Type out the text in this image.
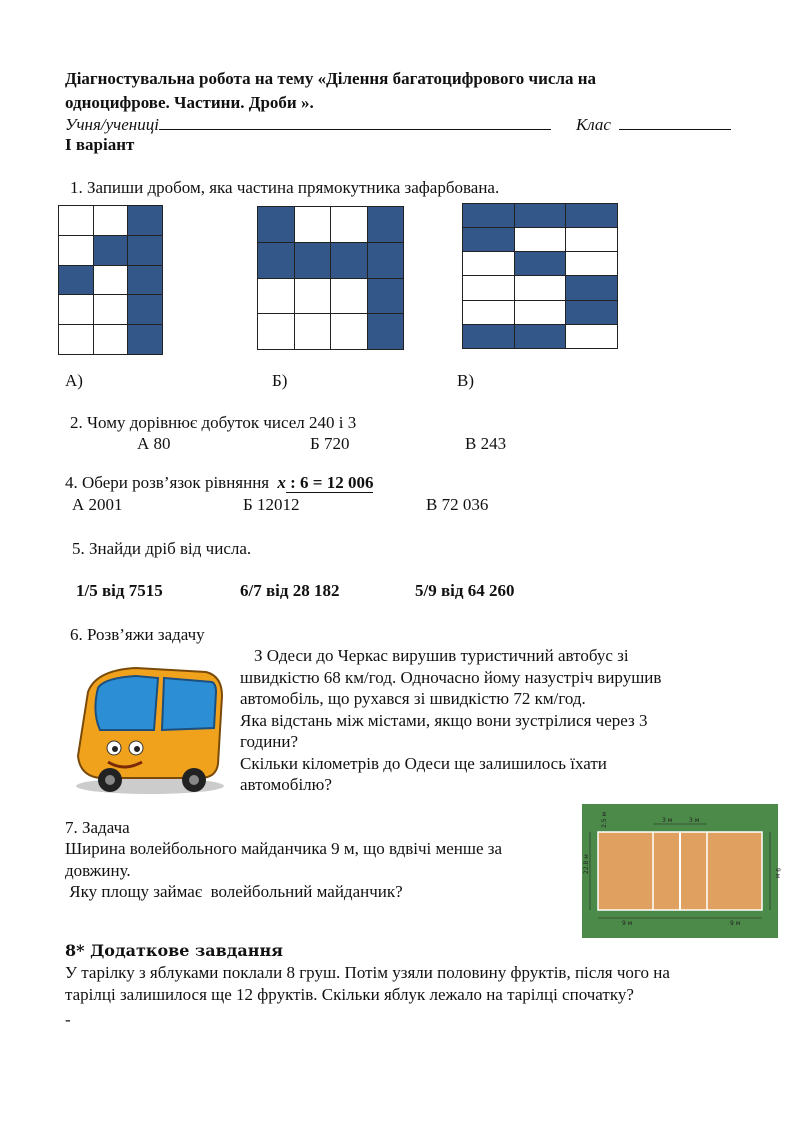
Діагностувальна робота на тему «Ділення багатоцифрового числа на
одноцифрове. Частини. Дроби ».
Учня/учениці	Клас
І варіант
1. Запиши дробом, яка частина прямокутника зафарбована.

А)	Б)	В)
2. Чому дорівнює добуток чисел 240 і 3
А 80	Б 720	В 243
4. Обери розв’язок рівняння x : 6 = 12 006
А 2001	Б 12012	В 72 036
5. Знайди дріб від числа.
1/5 від 7515	6/7 від 28 182	5/9 від 64 260
6. Розв’яжи задачу
З Одеси до Черкас вирушив туристичний автобус зі
швидкістю 68 км/год. Одночасно йому назустріч вирушив
автомобіль, що рухався зі швидкістю 72 км/год.
Яка відстань між містами, якщо вони зустрілися через 3
години?
Скільки кілометрів до Одеси ще залишилось їхати
автомобілю?
7. Задача
Ширина волейбольного майданчика 9 м, що вдвічі менше за
довжину.
Яку площу займає  волейбольний майданчик?
3 м	3 м
9 м	9 м
22.8 м	9 м
2.5 м
8* Додаткове завдання
У тарілку з яблуками поклали 8 груш. Потім узяли половину фруктів, після чого на
тарілці залишилося ще 12 фруктів. Скільки яблук лежало на тарілці спочатку?
-
